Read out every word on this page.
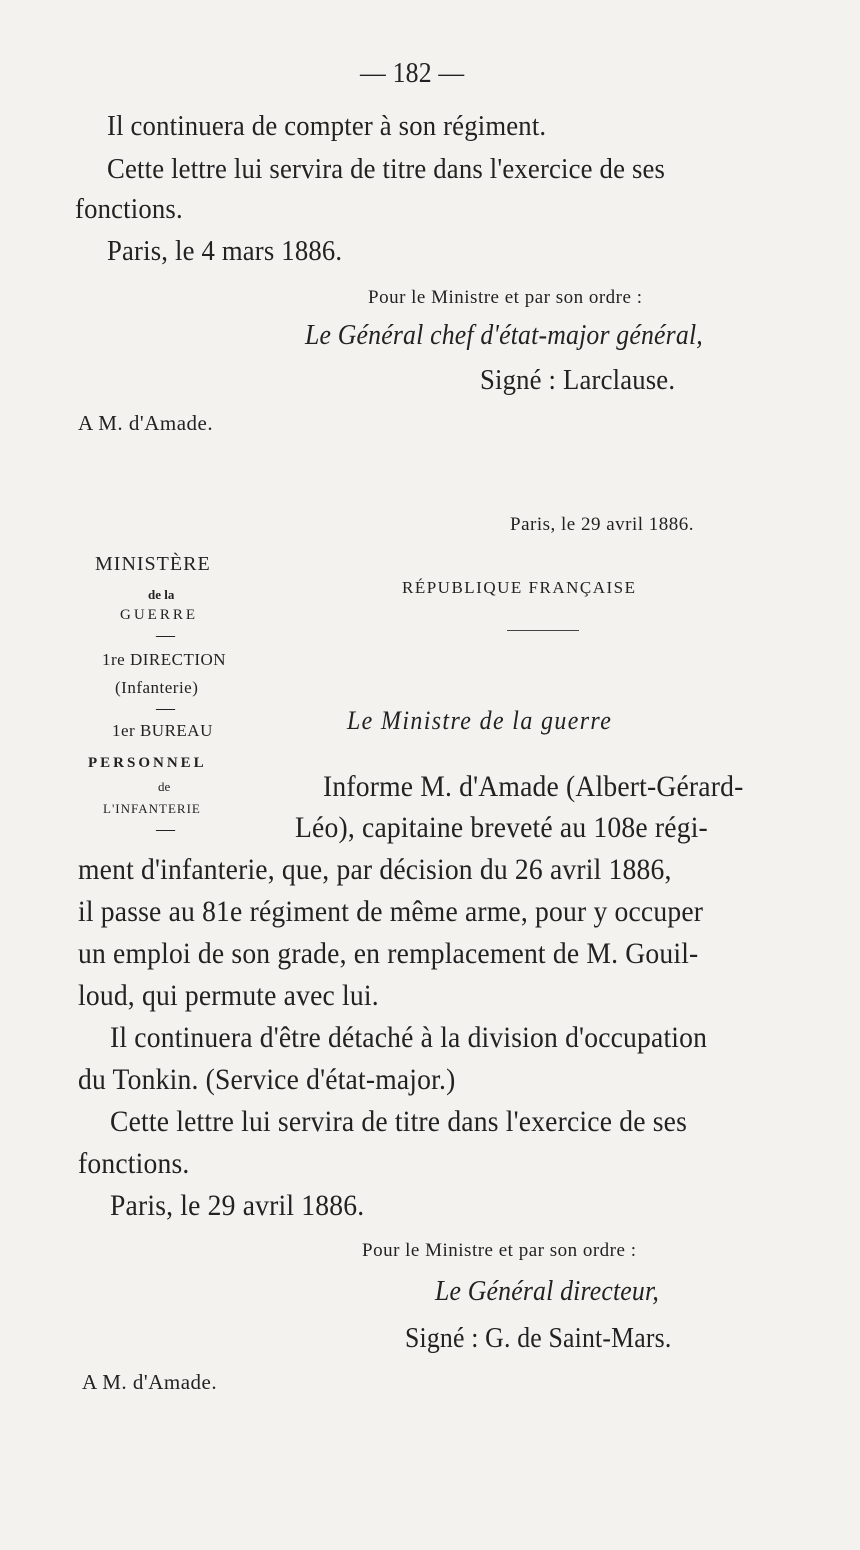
— 182 —
Il continuera de compter à son régiment.
Cette lettre lui servira de titre dans l'exercice de ses
fonctions.
Paris, le 4 mars 1886.
Pour le Ministre et par son ordre :
Le Général chef d'état-major général,
Signé : Larclause.
A M. d'Amade.
Paris, le 29 avril 1886.
RÉPUBLIQUE FRANÇAISE
MINISTÈRE
de la
GUERRE
—
1re DIRECTION
(Infanterie)
—
1er BUREAU
PERSONNEL
de
L'INFANTERIE
—
Le Ministre de la guerre
Informe M. d'Amade (Albert-Gérard-
Léo), capitaine breveté au 108e régi-
ment d'infanterie, que, par décision du 26 avril 1886,
il passe au 81e régiment de même arme, pour y occuper
un emploi de son grade, en remplacement de M. Gouil-
loud, qui permute avec lui.
Il continuera d'être détaché à la division d'occupation
du Tonkin. (Service d'état-major.)
Cette lettre lui servira de titre dans l'exercice de ses
fonctions.
Paris, le 29 avril 1886.
Pour le Ministre et par son ordre :
Le Général directeur,
Signé : G. de Saint-Mars.
A M. d'Amade.
